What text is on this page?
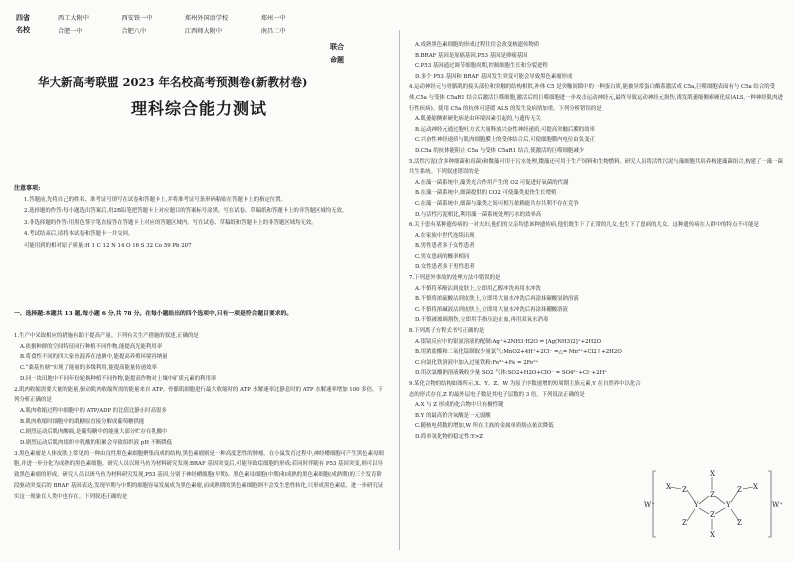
四省
名校
西工大附中	西安铁一中	郑州外国语学校	郑州一中
合肥一中	合肥八中	江西师大附中	南昌二中
联合
命题
华大新高考联盟 2023 年名校高考预测卷(新教材卷)
理科综合能力测试
注意事项:

1.答题前,先将自己的姓名、准考证号填写在试卷和答题卡上,并将准考证号条形码粘贴在答题卡上的指定位置。

2.选择题的作答:每小题选出答案后,用2B铅笔把答题卡上对应题目的答案标号涂黑。写在试卷、草稿纸和答题卡上的非答题区域均无效。

3.非选择题的作答:用黑色签字笔直接答在答题卡上对应的答题区域内。写在试卷、草稿纸和答题卡上的非答题区域均无效。

4.考试结束后,请将本试卷和答题卡一并交回。

可能用到的相对原子质量:H 1 C 12 N 14 O 16 S 32 Co 59 Pb 207

一、选择题:本题共 13 题,每小题 6 分,共 78 分。在每小题给出的四个选项中,只有一项是符合题目要求的。

1.生产中采取相应的措施有助于提高产量。下列有关生产措施的叙述,正确的是

A.依据种群的空间特征同行种植不同作物,能提高光能利用率

B.将食性不同的四大家鱼混养在池塘中,能提高养殖环境容纳量

C.“桑基鱼塘”实现了能量的多级利用,能提高能量传递效率

D.同一块田地中不同年份轮换种植不同作物,能提高作物对土壤中矿质元素的利用率

2.肌肉收缩需要大量的能量,驱动肌肉收缩所需的能量来自 ATP。骨骼肌细胞进行最大收缩时的 ATP 水解速率比静息时的 ATP 水解速率增加 100 多倍。下列分析正确的是

A.肌肉收缩过程中细胞中的 ATP/ADP 的比值比静止时高很多

B.肌肉收缩时细胞中的肌糖原直接分解成葡萄糖供能

C.剧烈运动后肌肉酸痛,是葡萄糖中的能量大部分贮存在乳酸中

D.剧烈运动后肌肉组织中乳酸的积累会导致组织液 pH 不断降低

3.黑色素瘤是人体皮肤上常见的一种由良性黑色素细胞聚集而成的结构,黑色素瘤则是一种高度恶性的肿瘤。在小鼠发育过程中,神经嵴细胞可产生黑色素母细胞,并进一步分化为成熟的黑色素细胞。研究人员以斑马鱼为材料研究发现:BRAF 基因突变后,可能导致痣细胞的形成;若同时伴随有 P53 基因突变,则可以导致黑色素瘤的形成。研究人员以斑马鱼为材料研究发现,P53 基因,分别于神经嵴细胞(早期)、黑色素母细胞(中期)和成熟的黑色素细胞(成熟期)的三个发育阶段驱动突变后的 BRAF 基因表达,发现早期与中期的细胞容易发展成为黑色素瘤,而成熟期的黑色素细胞则不会发生恶性转化,只形成黑色素痣。进一步研究证实这一现象在人类中也存在。下列叙述正确的是

A.成熟黑色素细胞的形成过程往往会改变核遗传物质

B.BRAF 基因是原癌基因,P53 基因是抑癌基因

C.P53 基因通过调节细胞周期,控制细胞生长和分裂进程

D.多个 P53 基因和 BRAF 基因发生突变可能会导致黑色素瘤形成

4.运动神经元与骨骼肌的接头部位和突触的结构相似,补体 C5 是突触间隙中的一种蛋白质,能被异常蛋白酶系激活成 C5a,巨噬细胞表面有与 C5a 结合的受体,C5a 与受体 C5aR1 结合后激活巨噬细胞,激活后的巨噬细胞进一步攻击运动神经元,最终导致运动神经元损伤,诱发肌萎缩侧索硬化症(ALS,一种神经肌肉进行性疾病)。使用 C5a 的抗体可延缓 ALS 的发生及病情加重。下列分析错误的是

A.肌萎缩侧索硬化病是由环境因素引起的,与遗传无关

B.运动神经元通过胞吐方式大量释放兴奋性神经递质,可提高突触后膜的效率

C.兴奋性神经递质与肌肉细胞膜上的受体结合后,可使细胞膜内电位由负变正

D.C5a 的抗体能阻止 C5a 与受体 C5aR1 结合,使激活的巨噬细胞减少

5.活性污泥(含多种细菌和真菌)和微藻可用于污水处理,微藻还可用于生产饲料和生物燃料。研究人员将活性污泥与藻细胞共培养构建藻菌组合,构建了一藻一菌共生系统。下列叙述错误的是

A.在藻一菌系统中,藻类光合作用产生的 O2 可促进好氧菌的代谢

B.在藻一菌系统中,细菌提供的 CO2 可使藻类更快生长增殖

C.在藻一菌系统中,细菌与藻类之间可相互依赖能共存共利不存在竞争

D.与活性污泥相比,利用藻一菌系统处理污水的效率高

6.关于患有某种遗传病的一对夫妇,他们的父亲均患该种遗传病,他们既生下了正常的儿女,也生下了患病的儿女。这种遗传病在人群中的特点不可能是

A.在家族中世代连续出现

B.男性患者多于女性患者

C.男女患病的概率相同

D.女性患者多于男性患者

7.下列意外事故的处理方法中错误的是

A.不慎将苯酚沾到皮肤上,立即用乙醇冲洗再用水冲洗

B.不慎将浓硫酸沾到皮肤上,立即用大量水冲洗后再涂抹碳酸氢钠溶液

C.不慎将浓碱液沾到皮肤上,立即用大量水冲洗后再涂抹硼酸溶液

D.不慎被玻璃割伤,立即用手指压迫止血,再用双氧水消毒

8.下列离子方程式书写正确的是

A.银镜反应中的银氨溶液的配制:Ag⁺+2NH3·H2O ⇌ [Ag(NH3)2]⁺+2H2O

B.用浓盐酸和二氧化锰制取少量氯气:MnO2+4H⁺+2Cl⁻ =△= Mn²⁺+Cl2↑+2H2O

C.向氯化铁溶液中加入过量铁粉:Fe³⁺+Fe = 2Fe²⁺

D.用次氯酸钠溶液吸收少量 SO2 气体:SO2+H2O+ClO⁻ = SO4²⁻+Cl⁻+2H⁺

9.某化合物的结构如图所示,X、Y、Z、W 为原子序数递增的短周期主族元素,Y 在自然界中以化合态的形式存在,Z 的最外层电子数是其电子层数的 3 倍。下列说法正确的是

A.X 与 Z 形成的化合物中只有极性键

B.Y 的最高价含氧酸是一元弱酸

C.随核电荷数的增加,W 所在主族的金属单质熔点依次降低

D.简单氢化物的稳定性:Y>Z

W⁺	W⁺
X
Z	Z
Y	Y
Z
Z
Z	Z
X
X	X
